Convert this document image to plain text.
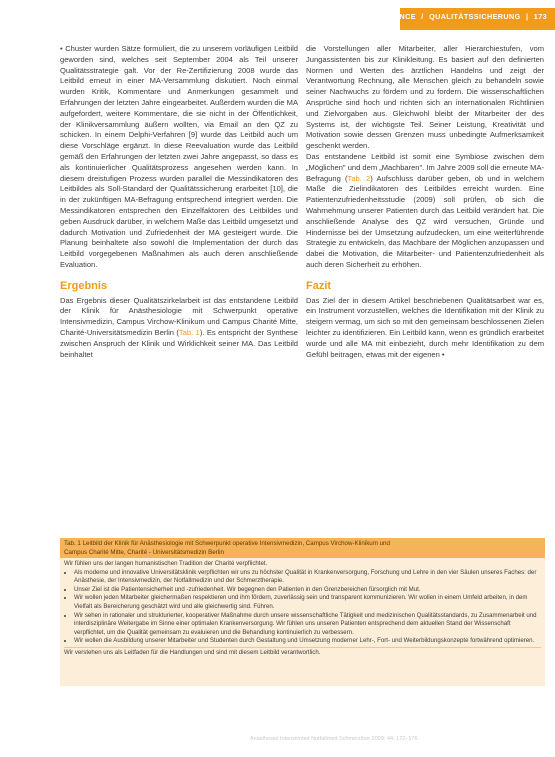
QUALITY ASSURANCE / QUALITÄTSSICHERUNG | 173

• Chuster wurden Sätze formuliert, die zu unserem vorläufigen Leitbild geworden sind, welches seit September 2004 als Teil unserer Qualitätsstrategie galt. Vor der Re-Zertifizierung 2008 wurde das Leitbild erneut in einer MA-Versammlung diskutiert. Noch einmal wurden Kritik, Kommentare und Anmerkungen gesammelt und Erfahrungen der letzten Jahre eingearbeitet. Außerdem wurden die MA aufgefordert, weitere Kommentare, die sie nicht in der Öffentlichkeit, der Klinikversammlung äußern wollten, via Email an den QZ zu schicken. In einem Delphi-Verfahren [9] wurde das Leitbild auch um diese Vorschläge ergänzt. In diese Reevaluation wurde das Leitbild gemäß den Erfahrungen der letzten zwei Jahre angepasst, so dass es als kontinuierlicher Qualitätsprozess angesehen werden kann. In diesem dreistufigen Prozess wurden parallel die Messindikatoren des Leitbildes als Soll-Standard der Qualitätssicherung erarbeitet [10], die in der zukünftigen MA-Befragung entsprechend integriert werden. Die Messindikatoren entsprechen den Einzelfaktoren des Leitbildes und geben Ausdruck darüber, in welchem Maße das Leitbild umgesetzt und dadurch Motivation und Zufriedenheit der MA gesteigert wurde. Die Planung beinhaltete also sowohl die Implementation der durch das Leitbild vorgegebenen Maßnahmen als auch deren anschließende Evaluation.

Ergebnis

Das Ergebnis dieser Qualitätszirkelarbeit ist das entstandene Leitbild der Klinik für Anästhesiologie mit Schwerpunkt operative Intensivmedizin, Campus Virchow-Klinikum und Campus Charité Mitte, Charité-Universitätsmedizin Berlin (Tab. 1). Es entspricht der Synthese zwischen Anspruch der Klinik und Wirklichkeit seiner MA. Das Leitbild beinhaltet

die Vorstellungen aller Mitarbeiter, aller Hierarchiestufen, vom Jungassistenten bis zur Klinikleitung. Es basiert auf den definierten Normen und Werten des ärztlichen Handelns und zeigt der Verantwortung Rechnung, alle Menschen gleich zu behandeln sowie seiner Nachwuchs zu fördern und zu fordern. Die wissenschaftlichen Ansprüche sind hoch und richten sich an internationalen Richtlinien und Zielvorgaben aus. Gleichwohl bleibt der Mitarbeiter der des Systems ist, der wichtigste Teil. Seiner Leistung, Kreativität und Motivation sowie dessen Grenzen muss unbedingte Aufmerksamkeit geschenkt werden.

Das entstandene Leitbild ist somit eine Symbiose zwischen dem „Möglichen" und dem „Machbaren". Im Jahre 2009 soll die erneute MA-Befragung (Tab. 2) Aufschluss darüber geben, ob und in welchem Maße die Zielindikatoren des Leitbildes erreicht wurden. Eine Patientenzufriedenheitsstudie (2009) soll prüfen, ob sich die Wahrnehmung unserer Patienten durch das Leitbild verändert hat. Die anschließende Analyse des QZ wird versuchen, Gründe und Hindernisse bei der Umsetzung aufzudecken, um eine weiterführende Strategie zu entwickeln, das Machbare der Möglichen anzupassen und dabei die Motivation, die Mitarbeiter- und Patientenzufriedenheit als auch deren Sicherheit zu erhöhen.

Fazit

Das Ziel der in diesem Artikel beschriebenen Qualitätsarbeit war es, ein Instrument vorzustellen, welches die Identifikation mit der Klinik zu steigern vermag, um sich so mit den gemeinsam beschlossenen Zielen leichter zu identifizieren. Ein Leitbild kann, wenn es gründlich erarbeitet wurde und alle MA mit einbezieht, durch mehr Identifikation zu dem Gefühl beitragen, etwas mit der eigenen •

Tab. 1 Leitbild der Klinik für Anästhesiologie mit Schwerpunkt operative Intensivmedizin, Campus Virchow-Klinikum und
Campus Charité Mitte, Charité - Universitätsmedizin Berlin
Wir fühlen uns der langen humanistischen Tradition der Charité verpflichtet.
• Als moderne und innovative Universitätsklinik verpflichten wir uns zu höchster Qualität in Krankenversorgung, Forschung und Lehre in den vier Säulen unseres Faches: der Anästhesie, der Intensivmedizin, der Notfallmedizin und der Schmerztherapie.
• Unser Ziel ist die Patientensicherheit und -zufriedenheit. Wir begegnen den Patienten in den Grenzbereichen fürsorglich mit Mut.
• Wir wollen jeden Mitarbeiter gleichermaßen respektieren und ihm fördern, zuverlässig sein und transparent kommunizieren. Wir wollen in einem Umfeld arbeiten, in dem Vielfalt als Bereicherung geschätzt wird und alle gleichwertig sind. Führen.
• Wir sehen in rationaler und strukturierter, kooperativer Maßnahme durch unsere wissenschaftliche Tätigkeit und medizinischen Qualitätsstandards, zu Zusammenarbeit und interdisziplinäre Weitergabe im Sinne einer optimalen Krankenversorgung. Wir fühlen uns unseren Patienten entsprechend dem aktuellen Stand der Wissenschaft verpflichtet, um die Qualität gemeinsam zu evaluieren und die Behandlung kontinuierlich zu verbessern.
• Wir wollen die Ausbildung unserer Mitarbeiter und Studenten durch Gestaltung und Umsetzung moderner Lehr-, Fort- und Weiterbildungskonzepte fortwährend optimieren.
Wir verstehen uns als Leitfaden für die Handlungen und sind mit diesem Leitbild verantwortlich.
Anästhesiol Intensivmed Notfallmed Schmerzther 2009; 44: 172–176
